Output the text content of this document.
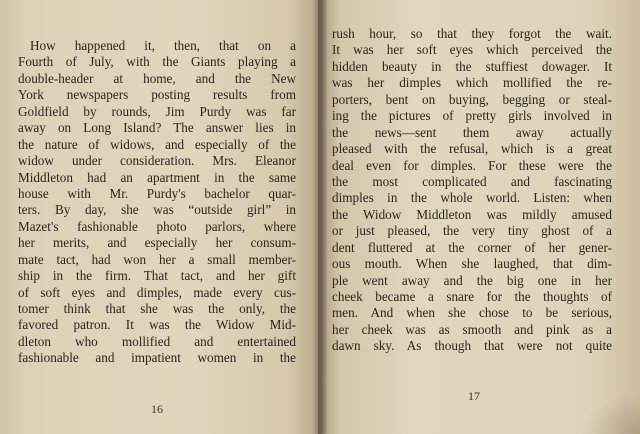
How happened it, then, that on a
Fourth of July, with the Giants playing a
double-header at home, and the New
York newspapers posting results from
Goldfield by rounds, Jim Purdy was far
away on Long Island? The answer lies in
the nature of widows, and especially of the
widow under consideration. Mrs. Eleanor
Middleton had an apartment in the same
house with Mr. Purdy's bachelor quar-
ters. By day, she was “outside girl” in
Mazet's fashionable photo parlors, where
her merits, and especially her consum-
mate tact, had won her a small member-
ship in the firm. That tact, and her gift
of soft eyes and dimples, made every cus-
tomer think that she was the only, the
favored patron. It was the Widow Mid-
dleton who mollified and entertained
fashionable and impatient women in the
16
rush hour, so that they forgot the wait.
It was her soft eyes which perceived the
hidden beauty in the stuffiest dowager. It
was her dimples which mollified the re-
porters, bent on buying, begging or steal-
ing the pictures of pretty girls involved in
the news—sent them away actually
pleased with the refusal, which is a great
deal even for dimples. For these were the
the most complicated and fascinating
dimples in the whole world. Listen: when
the Widow Middleton was mildly amused
or just pleased, the very tiny ghost of a
dent fluttered at the corner of her gener-
ous mouth. When she laughed, that dim-
ple went away and the big one in her
cheek became a snare for the thoughts of
men. And when she chose to be serious,
her cheek was as smooth and pink as a
dawn sky. As though that were not quite
17
